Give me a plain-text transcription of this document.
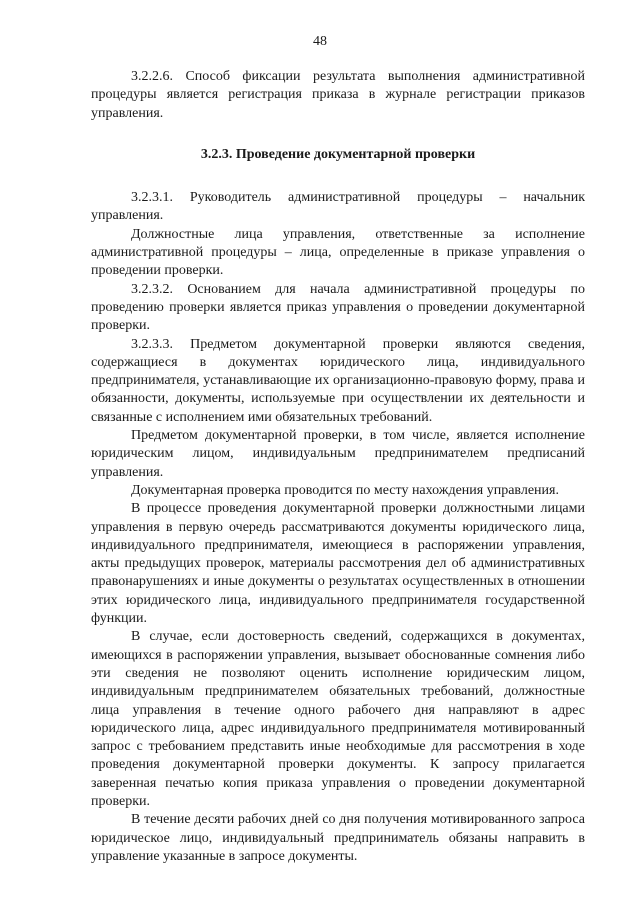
48

3.2.2.6. Способ фиксации результата выполнения административной процедуры является регистрация приказа в журнале регистрации приказов управления.

3.2.3. Проведение документарной проверки

3.2.3.1. Руководитель административной процедуры – начальник управления.

Должностные лица управления, ответственные за исполнение административной процедуры – лица, определенные в приказе управления о проведении проверки.

3.2.3.2. Основанием для начала административной процедуры по проведению проверки является приказ управления о проведении документарной проверки.

3.2.3.3. Предметом документарной проверки являются сведения, содержащиеся в документах юридического лица, индивидуального предпринимателя, устанавливающие их организационно-правовую форму, права и обязанности, документы, используемые при осуществлении их деятельности и связанные с исполнением ими обязательных требований.

Предметом документарной проверки, в том числе, является исполнение юридическим лицом, индивидуальным предпринимателем предписаний управления.

Документарная проверка проводится по месту нахождения управления.

В процессе проведения документарной проверки должностными лицами управления в первую очередь рассматриваются документы юридического лица, индивидуального предпринимателя, имеющиеся в распоряжении управления, акты предыдущих проверок, материалы рассмотрения дел об административных правонарушениях и иные документы о результатах осуществленных в отношении этих юридического лица, индивидуального предпринимателя государственной функции.

В случае, если достоверность сведений, содержащихся в документах, имеющихся в распоряжении управления, вызывает обоснованные сомнения либо эти сведения не позволяют оценить исполнение юридическим лицом, индивидуальным предпринимателем обязательных требований, должностные лица управления в течение одного рабочего дня направляют в адрес юридического лица, адрес индивидуального предпринимателя мотивированный запрос с требованием представить иные необходимые для рассмотрения в ходе проведения документарной проверки документы. К запросу прилагается заверенная печатью копия приказа управления о проведении документарной проверки.

В течение десяти рабочих дней со дня получения мотивированного запроса юридическое лицо, индивидуальный предприниматель обязаны направить в управление указанные в запросе документы.
